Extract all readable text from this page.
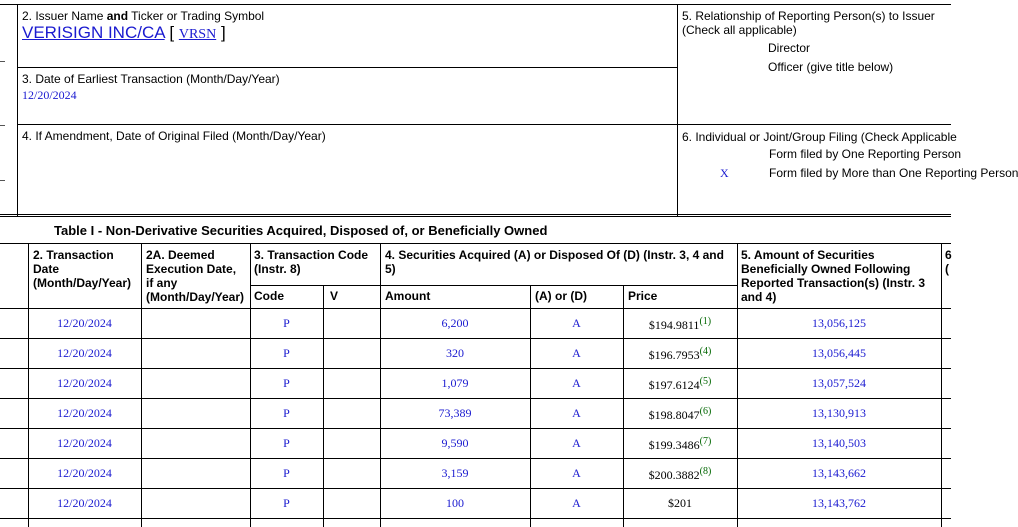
2. Issuer Name and Ticker or Trading Symbol
VERISIGN INC/CA [ VRSN ]
3. Date of Earliest Transaction (Month/Day/Year)
12/20/2024
4. If Amendment, Date of Original Filed (Month/Day/Year)
5. Relationship of Reporting Person(s) to Issuer
(Check all applicable)
Director
Officer (give title below)
6. Individual or Joint/Group Filing (Check Applicable
Form filed by One Reporting Person
X	Form filed by More than One Reporting Person
Table I - Non-Derivative Securities Acquired, Disposed of, or Beneficially Owned
2. Transaction
Date
(Month/Day/Year)
2A. Deemed
Execution Date,
if any
(Month/Day/Year)
3. Transaction Code
(Instr. 8)
Code	V
4. Securities Acquired (A) or Disposed Of (D) (Instr. 3, 4 and
5)
Amount	(A) or (D)	Price
5. Amount of Securities
Beneficially Owned Following
Reported Transaction(s) (Instr. 3
and 4)
6
(
12/20/2024	P	6,200	A	$194.9811$^{(1)}$	13,056,125
12/20/2024	P	320	A	$196.7953$^{(4)}$	13,056,445
12/20/2024	P	1,079	A	$197.6124$^{(5)}$	13,057,524
12/20/2024	P	73,389	A	$198.8047$^{(6)}$	13,130,913
12/20/2024	P	9,590	A	$199.3486$^{(7)}$	13,140,503
12/20/2024	P	3,159	A	$200.3882$^{(8)}$	13,143,662
12/20/2024	P	100	A	$201	13,143,762
